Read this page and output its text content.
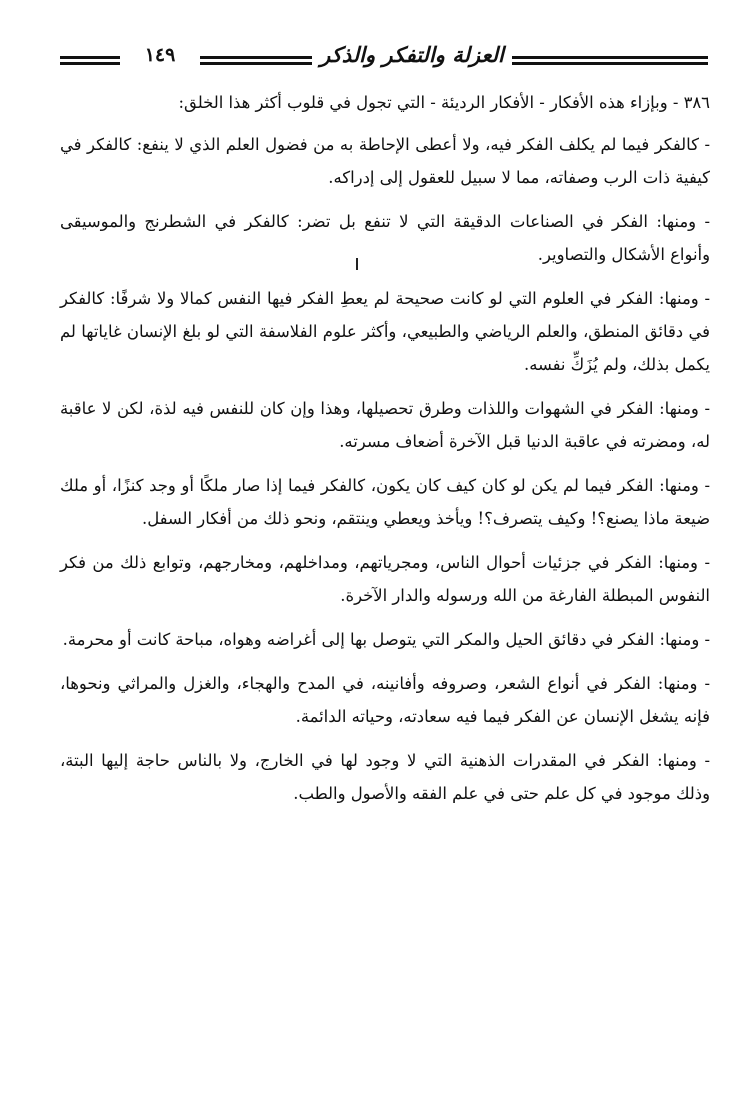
العزلة والتفكر والذكر
١٤٩

٣٨٦ - وبإزاء هذه الأفكار - الأفكار الرديئة - التي تجول في قلوب أكثر هذا الخلق:

- كالفكر فيما لم يكلف الفكر فيه، ولا أعطى الإحاطة به من فضول العلم الذي لا ينفع: كالفكر في كيفية ذات الرب وصفاته، مما لا سبيل للعقول إلى إدراكه.

- ومنها: الفكر في الصناعات الدقيقة التي لا تنفع بل تضر: كالفكر في الشطرنج والموسيقى وأنواع الأشكال والتصاوير.

- ومنها: الفكر في العلوم التي لو كانت صحيحة لم يعطِ الفكر فيها النفس كمالا ولا شرفًا: كالفكر في دقائق المنطق، والعلم الرياضي والطبيعي، وأكثر علوم الفلاسفة التي لو بلغ الإنسان غاياتها لم يكمل بذلك، ولم يُزَكِّ نفسه.

- ومنها: الفكر في الشهوات واللذات وطرق تحصيلها، وهذا وإن كان للنفس فيه لذة، لكن لا عاقبة له، ومضرته في عاقبة الدنيا قبل الآخرة أضعاف مسرته.

- ومنها: الفكر فيما لم يكن لو كان كيف كان يكون، كالفكر فيما إذا صار ملكًا أو وجد كنزًا، أو ملك ضيعة ماذا يصنع؟! وكيف يتصرف؟! ويأخذ ويعطي وينتقم، ونحو ذلك من أفكار السفل.

- ومنها: الفكر في جزئيات أحوال الناس، ومجرياتهم، ومداخلهم، ومخارجهم، وتوابع ذلك من فكر النفوس المبطلة الفارغة من الله ورسوله والدار الآخرة.

- ومنها: الفكر في دقائق الحيل والمكر التي يتوصل بها إلى أغراضه وهواه، مباحة كانت أو محرمة.

- ومنها: الفكر في أنواع الشعر، وصروفه وأفانينه، في المدح والهجاء، والغزل والمراثي ونحوها، فإنه يشغل الإنسان عن الفكر فيما فيه سعادته، وحياته الدائمة.

- ومنها: الفكر في المقدرات الذهنية التي لا وجود لها في الخارج، ولا بالناس حاجة إليها البتة، وذلك موجود في كل علم حتى في علم الفقه والأصول والطب.
